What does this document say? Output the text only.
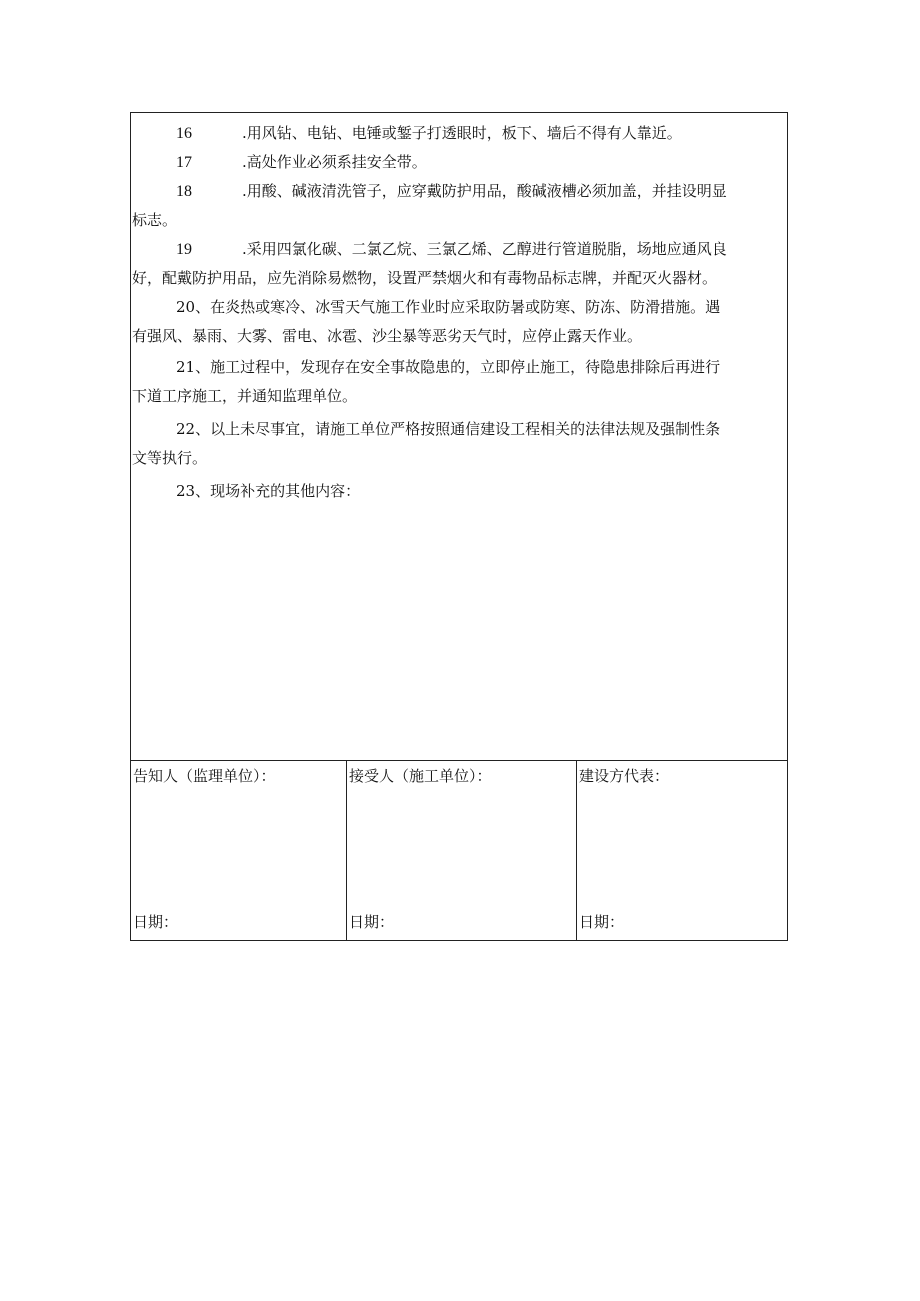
16	.用风钻、电钻、电锤或錾子打透眼时，板下、墙后不得有人靠近。
17	.高处作业必须系挂安全带。
18	.用酸、碱液清洗管子，应穿戴防护用品，酸碱液槽必须加盖，并挂设明显
标志。
19	.采用四氯化碳、二氯乙烷、三氯乙烯、乙醇进行管道脱脂，场地应通风良
好，配戴防护用品，应先消除易燃物，设置严禁烟火和有毒物品标志牌，并配灭火器材。
20、在炎热或寒冷、冰雪天气施工作业时应采取防暑或防寒、防冻、防滑措施。遇
有强风、暴雨、大雾、雷电、冰雹、沙尘暴等恶劣天气时，应停止露天作业。
21、施工过程中，发现存在安全事故隐患的，立即停止施工，待隐患排除后再进行
下道工序施工，并通知监理单位。
22、以上未尽事宜，请施工单位严格按照通信建设工程相关的法律法规及强制性条
文等执行。
23、现场补充的其他内容：
告知人（监理单位）：
日期：
接受人（施工单位）：
日期：
建设方代表：
日期：
